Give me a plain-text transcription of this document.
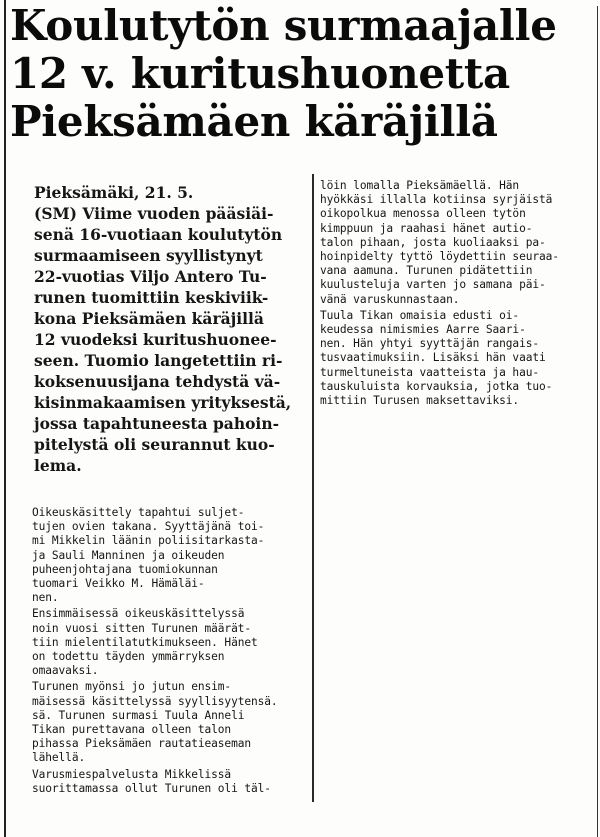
Koulutytön surmaajalle
12 v. kuritushuonetta
Pieksämäen käräjillä
Pieksämäki, 21. 5.
(SM) Viime vuoden pääsiäi-
senä 16-vuotiaan koulutytön
surmaamiseen syyllistynyt
22-vuotias Viljo Antero Tu-
runen tuomittiin keskiviik-
kona Pieksämäen käräjillä
12 vuodeksi kuritushuonee-
seen. Tuomio langetettiin ri-
koksenuusijana tehdystä vä-
kisinmakaamisen yrityksestä,
jossa tapahtuneesta pahoin-
pitelystä oli seurannut kuo-
lema.
Oikeuskäsittely tapahtui suljet-
tujen ovien takana. Syyttäjänä toi-
mi Mikkelin läänin poliisitarkasta-
ja Sauli Manninen ja oikeuden
puheenjohtajana tuomiokunnan
tuomari Veikko M. Hämäläi-
nen.
Ensimmäisessä oikeuskäsittelyssä
noin vuosi sitten Turunen määrät-
tiin mielentilatutkimukseen. Hänet
on todettu täyden ymmärryksen
omaavaksi.
Turunen myönsi jo jutun ensim-
mäisessä käsittelyssä syyllisyytensä.
sä. Turunen surmasi Tuula Anneli
Tikan purettavana olleen talon
pihassa Pieksämäen rautatieaseman
lähellä.
Varusmiespalvelusta Mikkelissä
suorittamassa ollut Turunen oli täl-
löin lomalla Pieksämäellä. Hän
hyökkäsi illalla kotiinsa syrjäistä
oikopolkua menossa olleen tytön
kimppuun ja raahasi hänet autio-
talon pihaan, josta kuoliaaksi pa-
hoinpidelty tyttö löydettiin seuraa-
vana aamuna. Turunen pidätettiin
kuulusteluja varten jo samana päi-
vänä varuskunnastaan.
Tuula Tikan omaisia edusti oi-
keudessa nimismies Aarre Saari-
nen. Hän yhtyi syyttäjän rangais-
tusvaatimuksiin. Lisäksi hän vaati
turmeltuneista vaatteista ja hau-
tauskuluista korvauksia, jotka tuo-
mittiin Turusen maksettaviksi.
